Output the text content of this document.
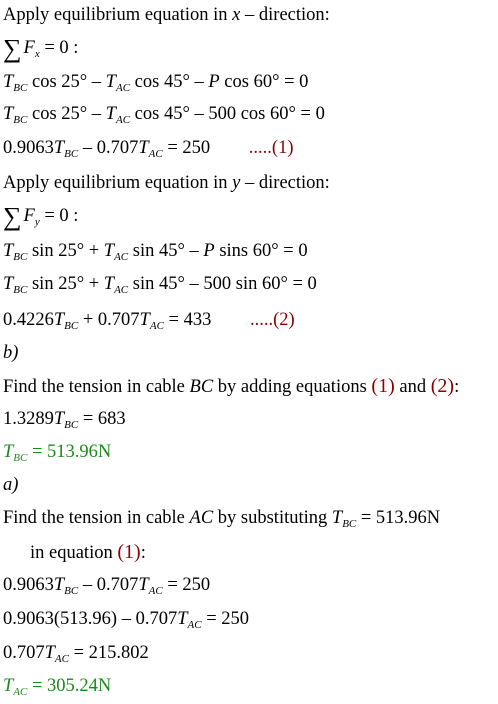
Apply equilibrium equation in x – direction:
∑ $F_x = 0$ :
$T_{BC}$ $\cos 25^\circ - T_{AC}$ cos 45° – P cos 60° = 0
$T_{BC}$ $\cos 25^\circ - T_{AC}$ cos 45° – 500 cos 60° = 0
$0.9063T_{BC} - 0.707T_{AC} = 250$ .....(1)
Apply equilibrium equation in y – direction:
∑ $F_y = 0$ :
$T_{BC}$ $\sin 25^\circ + T_{AC}$ sin 45° – P sins 60° = 0
$T_{BC}$ $\sin 25^\circ + T_{AC}$ sin 45° – 500 sin 60° = 0
$0.4226T_{BC} + 0.707T_{AC} = 433$ .....(2)
b)
Find the tension in cable BC by adding equations (1) and (2):
$1.3289T_{BC} = 683$
$T_{BC} = 513.96N$
a)
Find the tension in cable AC by substituting $T_{BC} = 513.96N$
in equation (1):
$0.9063T_{BC} - 0.707T_{AC} = 250$
$0.9063(513.96) - 0.707T_{AC} = 250$
$0.707T_{AC} = 215.802$
$T_{AC} = 305.24N$
